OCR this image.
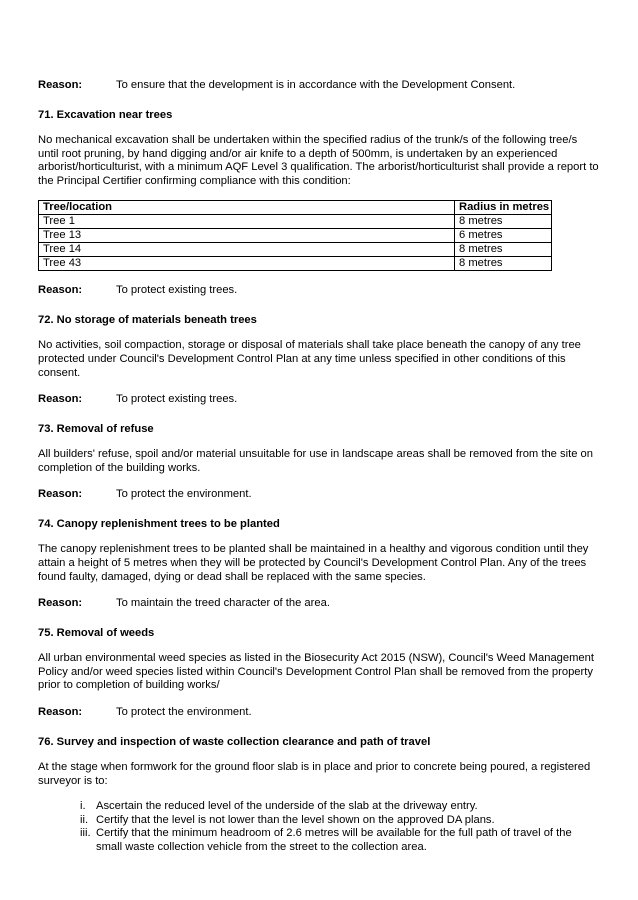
Reason:	To ensure that the development is in accordance with the Development Consent.
71. Excavation near trees
No mechanical excavation shall be undertaken within the specified radius of the trunk/s of the following tree/s until root pruning, by hand digging and/or air knife to a depth of 500mm, is undertaken by an experienced arborist/horticulturist, with a minimum AQF Level 3 qualification. The arborist/horticulturist shall provide a report to the Principal Certifier confirming compliance with this condition:
Tree/location	Radius in metres
Tree 1	8 metres
Tree 13	6 metres
Tree 14	8 metres
Tree 43	8 metres
Reason:	To protect existing trees.
72. No storage of materials beneath trees
No activities, soil compaction, storage or disposal of materials shall take place beneath the canopy of any tree protected under Council's Development Control Plan at any time unless specified in other conditions of this consent.
Reason:	To protect existing trees.
73. Removal of refuse
All builders' refuse, spoil and/or material unsuitable for use in landscape areas shall be removed from the site on completion of the building works.
Reason:	To protect the environment.
74. Canopy replenishment trees to be planted
The canopy replenishment trees to be planted shall be maintained in a healthy and vigorous condition until they attain a height of 5 metres when they will be protected by Council's Development Control Plan. Any of the trees found faulty, damaged, dying or dead shall be replaced with the same species.
Reason:	To maintain the treed character of the area.
75. Removal of weeds
All urban environmental weed species as listed in the Biosecurity Act 2015 (NSW), Council's Weed Management Policy and/or weed species listed within Council's Development Control Plan shall be removed from the property prior to completion of building works/
Reason:	To protect the environment.
76. Survey and inspection of waste collection clearance and path of travel
At the stage when formwork for the ground floor slab is in place and prior to concrete being poured, a registered surveyor is to:
i. Ascertain the reduced level of the underside of the slab at the driveway entry.
ii. Certify that the level is not lower than the level shown on the approved DA plans.
iii. Certify that the minimum headroom of 2.6 metres will be available for the full path of travel of the small waste collection vehicle from the street to the collection area.
